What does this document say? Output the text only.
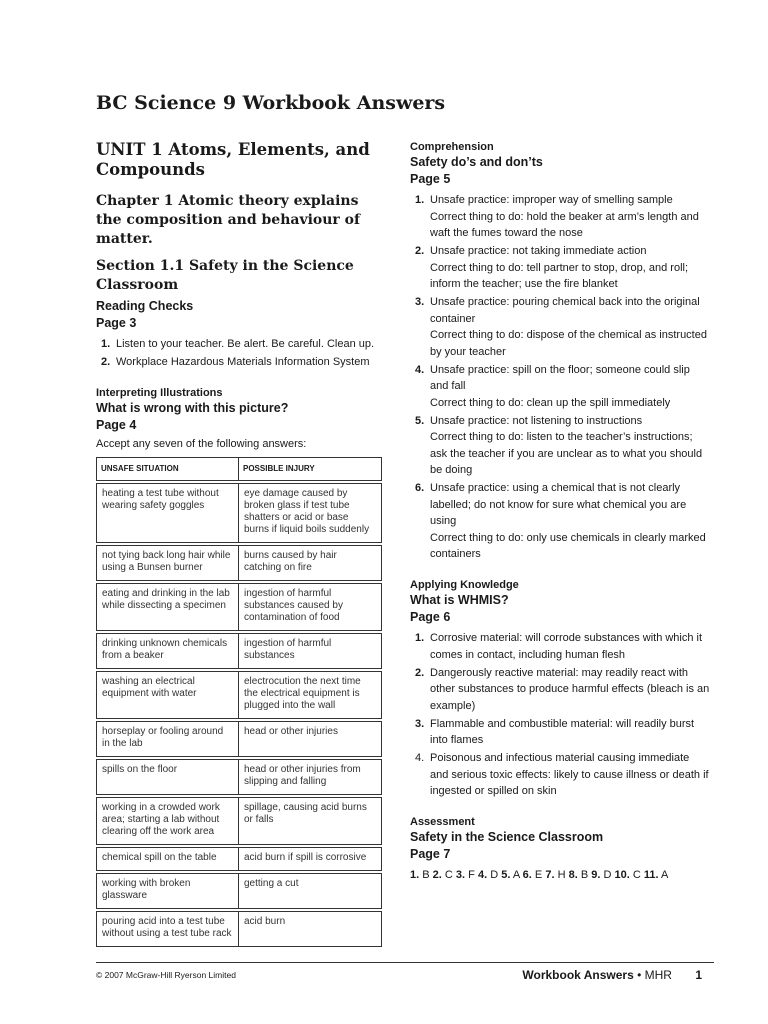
BC Science 9 Workbook Answers
UNIT 1 Atoms, Elements, and Compounds
Chapter 1 Atomic theory explains the composition and behaviour of matter.
Section 1.1 Safety in the Science Classroom

Reading Checks

Page 3

1. Listen to your teacher. Be alert. Be careful. Clean up.
2. Workplace Hazardous Materials Information System

Interpreting Illustrations

What is wrong with this picture?

Page 4

Accept any seven of the following answers:

UNSAFE SITUATION	POSSIBLE INJURY
heating a test tube without wearing safety goggles	eye damage caused by broken glass if test tube shatters or acid or base burns if liquid boils suddenly
not tying back long hair while using a Bunsen burner	burns caused by hair catching on fire
eating and drinking in the lab while dissecting a specimen	ingestion of harmful substances caused by contamination of food
drinking unknown chemicals from a beaker	ingestion of harmful substances
washing an electrical equipment with water	electrocution the next time the electrical equipment is plugged into the wall
horseplay or fooling around in the lab	head or other injuries
spills on the floor	head or other injuries from slipping and falling
working in a crowded work area; starting a lab without clearing off the work area	spillage, causing acid burns or falls
chemical spill on the table	acid burn if spill is corrosive
working with broken glassware	getting a cut
pouring acid into a test tube without using a test tube rack	acid burn

Comprehension

Safety do’s and don’ts

Page 5

1. Unsafe practice: improper way of smelling sample
Correct thing to do: hold the beaker at arm’s length and waft the fumes toward the nose
2. Unsafe practice: not taking immediate action
Correct thing to do: tell partner to stop, drop, and roll; inform the teacher; use the fire blanket
3. Unsafe practice: pouring chemical back into the original container
Correct thing to do: dispose of the chemical as instructed by your teacher
4. Unsafe practice: spill on the floor; someone could slip and fall
Correct thing to do: clean up the spill immediately
5. Unsafe practice: not listening to instructions
Correct thing to do: listen to the teacher’s instructions; ask the teacher if you are unclear as to what you should be doing
6. Unsafe practice: using a chemical that is not clearly labelled; do not know for sure what chemical you are using
Correct thing to do: only use chemicals in clearly marked containers

Applying Knowledge

What is WHMIS?

Page 6

1. Corrosive material: will corrode substances with which it comes in contact, including human flesh
2. Dangerously reactive material: may readily react with other substances to produce harmful effects (bleach is an example)
3. Flammable and combustible material: will readily burst into flames
4. Poisonous and infectious material causing immediate and serious toxic effects: likely to cause illness or death if ingested or spilled on skin

Assessment

Safety in the Science Classroom

Page 7

1. B 2. C 3. F 4. D 5. A 6. E 7. H 8. B 9. D 10. C 11. A
© 2007 McGraw-Hill Ryerson Limited	Workbook Answers • MHR 1
